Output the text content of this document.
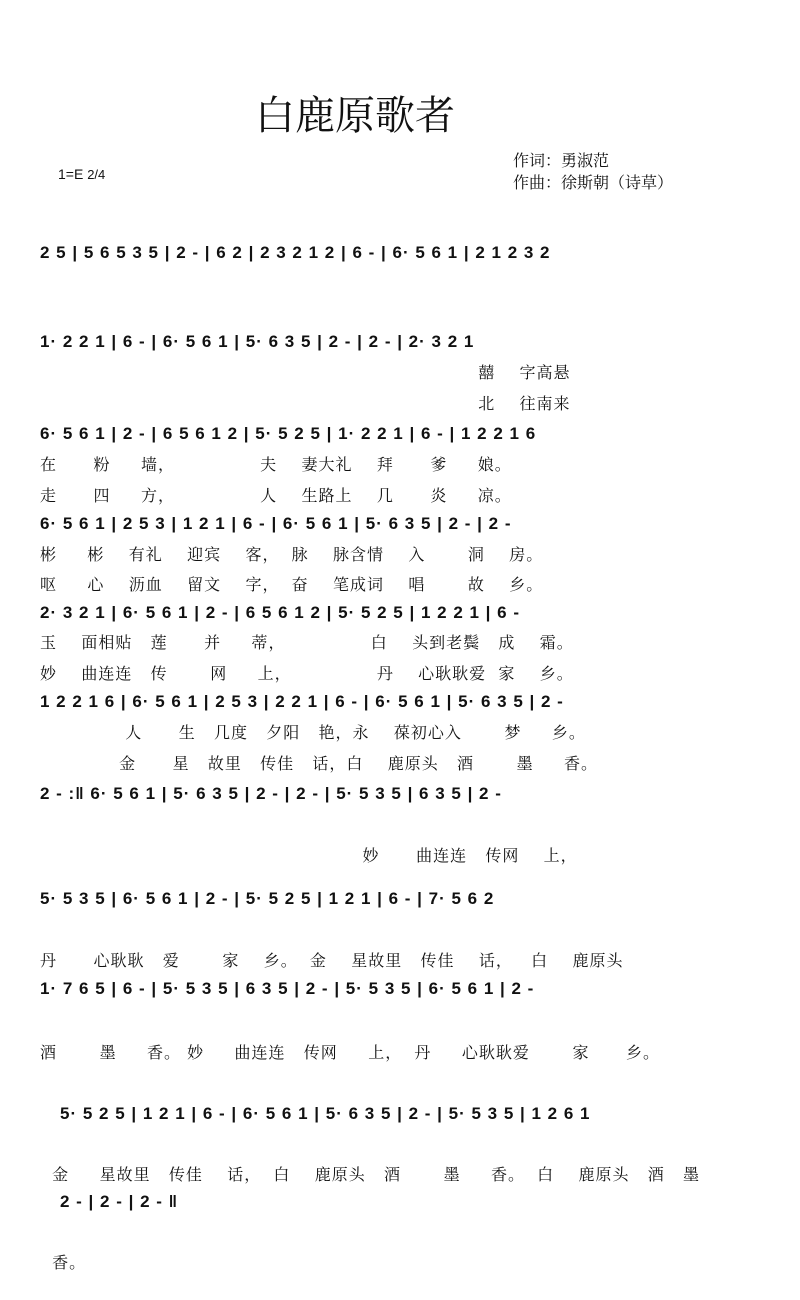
白鹿原歌者
1=E 2/4
作词：勇淑范
作曲：徐斯朝（诗草）
2 5 | 5 6 5 3 5 | 2 - | 6 2 | 2 3 2 1 2 | 6 - | 6· 5 6 1 | 2 1 2 3 2
1· 2 2 1 | 6 - | 6· 5 6 1 | 5· 6 3 5 | 2 - | 2 - | 2· 3 2 1
囍    字高悬
北    往南来
6· 5 6 1 | 2 - | 6 5 6 1 2 | 5· 5 2 5 | 1· 2 2 1 | 6 - | 1 2 2 1 6
在      粉     墙，              夫    妻大礼    拜      爹     娘。
走      四     方，              人    生路上    几      炎     凉。
6· 5 6 1 | 2 5 3 | 1 2 1 | 6 - | 6· 5 6 1 | 5· 6 3 5 | 2 - | 2 -
彬     彬    有礼    迎宾    客，  脉    脉含情    入       洞    房。
呕     心    沥血    留文    字，  奋    笔成词    唱       故    乡。
2· 3 2 1 | 6· 5 6 1 | 2 - | 6 5 6 1 2 | 5· 5 2 5 | 1 2 2 1 | 6 -
玉    面相贴   莲      并     蒂，              白    头到老鬓   成    霜。
妙    曲连连   传       网     上，              丹    心耿耿爱  家    乡。
1 2 2 1 6 | 6· 5 6 1 | 2 5 3 | 2 2 1 | 6 - | 6· 5 6 1 | 5· 6 3 5 | 2 -
人      生   几度   夕阳   艳，永    葆初心入       梦     乡。
金      星   故里   传佳   话，白    鹿原头   酒       墨     香。
2 - :‖ 6· 5 6 1 | 5· 6 3 5 | 2 - | 2 - | 5· 5 3 5 | 6 3 5 | 2 -
妙      曲连连   传网    上，
5· 5 3 5 | 6· 5 6 1 | 2 - | 5· 5 2 5 | 1 2 1 | 6 - | 7· 5 6 2
丹      心耿耿   爱       家    乡。  金    星故里   传佳    话，   白    鹿原头
1· 7 6 5 | 6 - | 5· 5 3 5 | 6 3 5 | 2 - | 5· 5 3 5 | 6· 5 6 1 | 2 -
酒       墨     香。 妙     曲连连   传网     上，  丹     心耿耿爱       家      乡。
5· 5 2 5 | 1 2 1 | 6 - | 6· 5 6 1 | 5· 6 3 5 | 2 - | 5· 5 3 5 | 1 2 6 1
金     星故里   传佳    话，  白    鹿原头   酒       墨     香。  白    鹿原头   酒   墨
2 - | 2 - | 2 - ‖
香。
